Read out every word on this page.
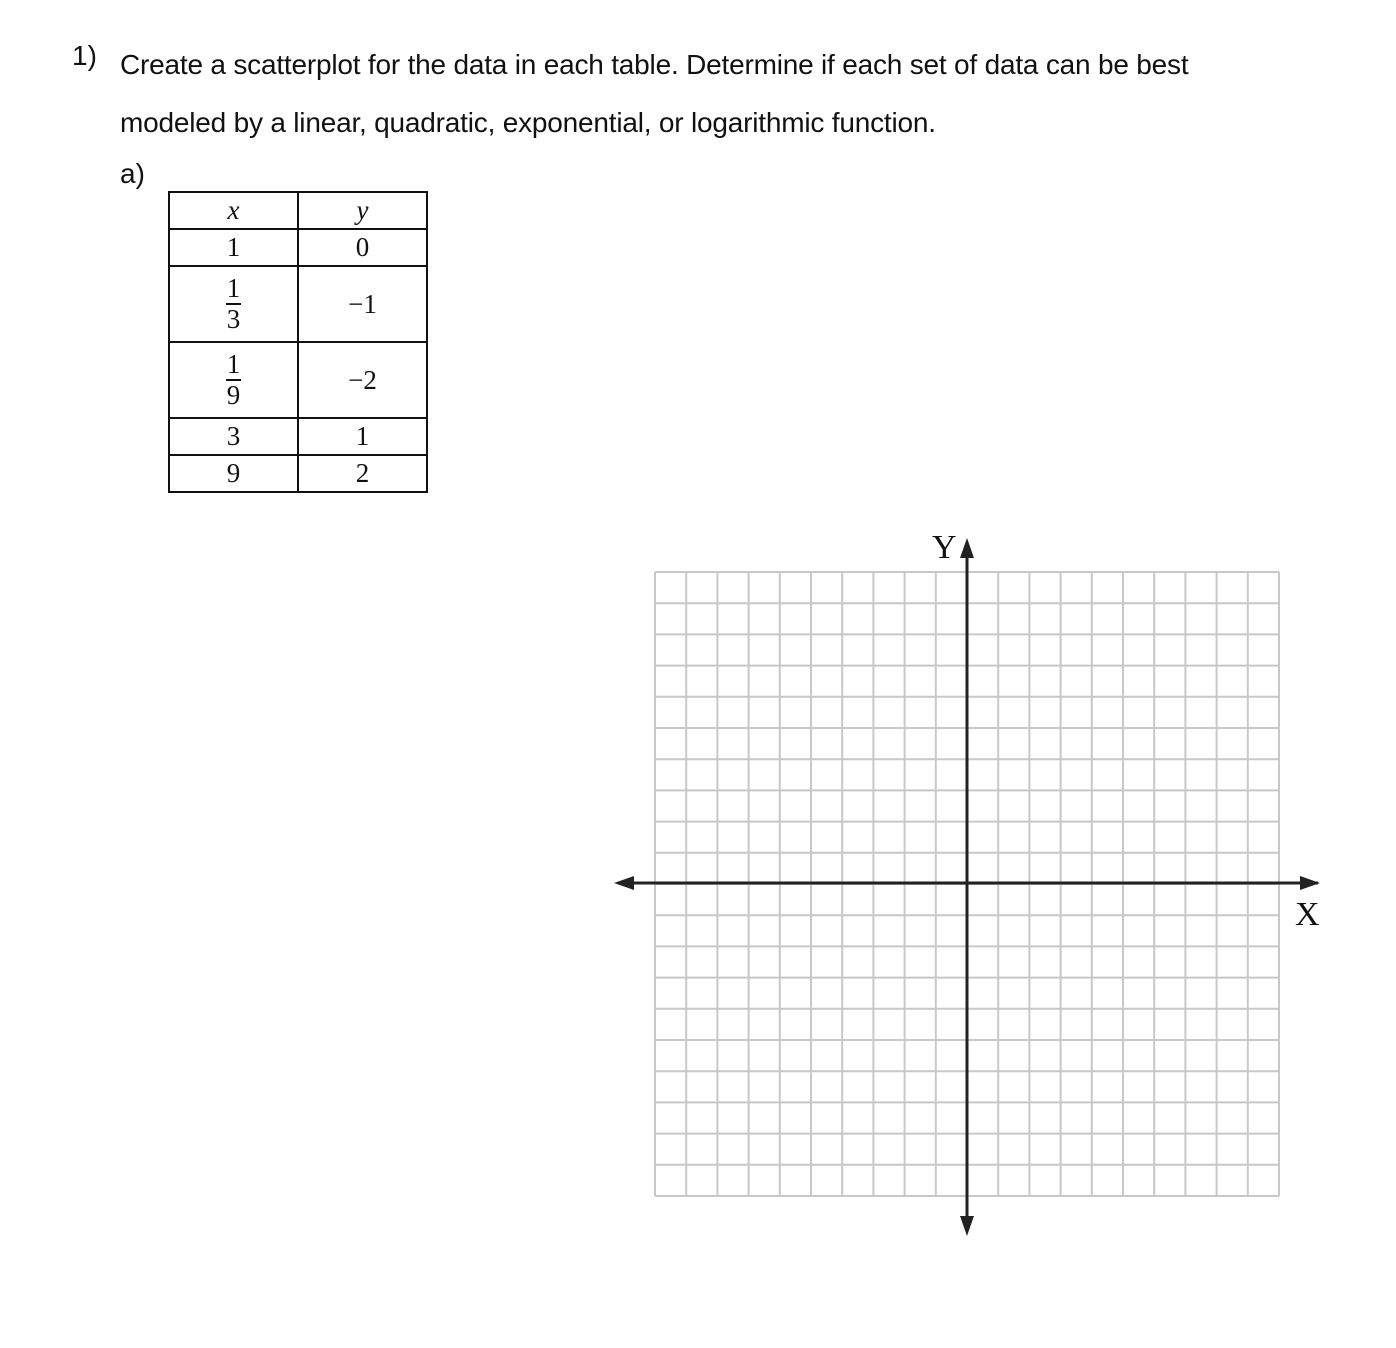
1) Create a scatterplot for the data in each table. Determine if each set of data can be best
modeled by a linear, quadratic, exponential, or logarithmic function.

a)
x	y
1	0

$\frac{1}{3}$	−1

$\frac{1}{9}$	−2
3	1
9	2
Y
X
